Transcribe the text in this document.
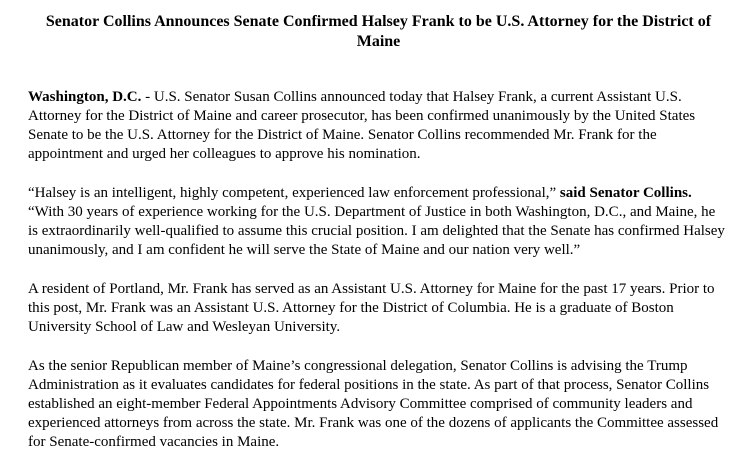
Senator Collins Announces Senate Confirmed Halsey Frank to be U.S. Attorney for the District of Maine

Washington, D.C. - U.S. Senator Susan Collins announced today that Halsey Frank, a current Assistant U.S. Attorney for the District of Maine and career prosecutor, has been confirmed unanimously by the United States Senate to be the U.S. Attorney for the District of Maine. Senator Collins recommended Mr. Frank for the appointment and urged her colleagues to approve his nomination.

“Halsey is an intelligent, highly competent, experienced law enforcement professional,” said Senator Collins. “With 30 years of experience working for the U.S. Department of Justice in both Washington, D.C., and Maine, he is extraordinarily well-qualified to assume this crucial position. I am delighted that the Senate has confirmed Halsey unanimously, and I am confident he will serve the State of Maine and our nation very well.”

A resident of Portland, Mr. Frank has served as an Assistant U.S. Attorney for Maine for the past 17 years. Prior to this post, Mr. Frank was an Assistant U.S. Attorney for the District of Columbia. He is a graduate of Boston University School of Law and Wesleyan University.

As the senior Republican member of Maine’s congressional delegation, Senator Collins is advising the Trump Administration as it evaluates candidates for federal positions in the state. As part of that process, Senator Collins established an eight-member Federal Appointments Advisory Committee comprised of community leaders and experienced attorneys from across the state. Mr. Frank was one of the dozens of applicants the Committee assessed for Senate-confirmed vacancies in Maine.
